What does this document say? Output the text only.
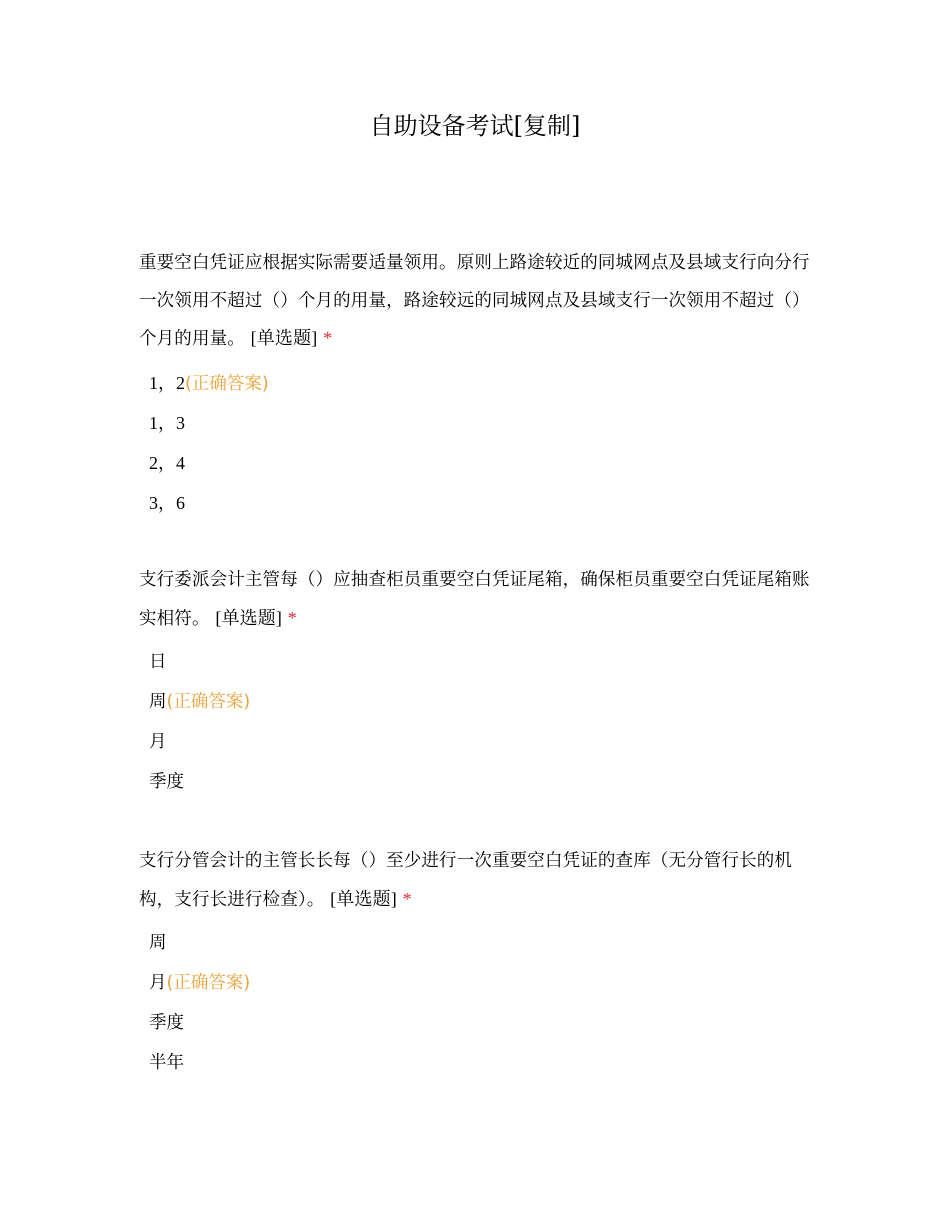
自助设备考试[复制]
重要空白凭证应根据实际需要适量领用。原则上路途较近的同城网点及县域支行向分行一次领用不超过（）个月的用量，路途较远的同城网点及县域支行一次领用不超过（）个月的用量。 [单选题] *
1，2(正确答案)
1，3
2，4
3，6
支行委派会计主管每（）应抽查柜员重要空白凭证尾箱，确保柜员重要空白凭证尾箱账实相符。 [单选题] *
日
周(正确答案)
月
季度
支行分管会计的主管长长每（）至少进行一次重要空白凭证的查库（无分管行长的机构，支行长进行检查）。 [单选题] *
周
月(正确答案)
季度
半年
